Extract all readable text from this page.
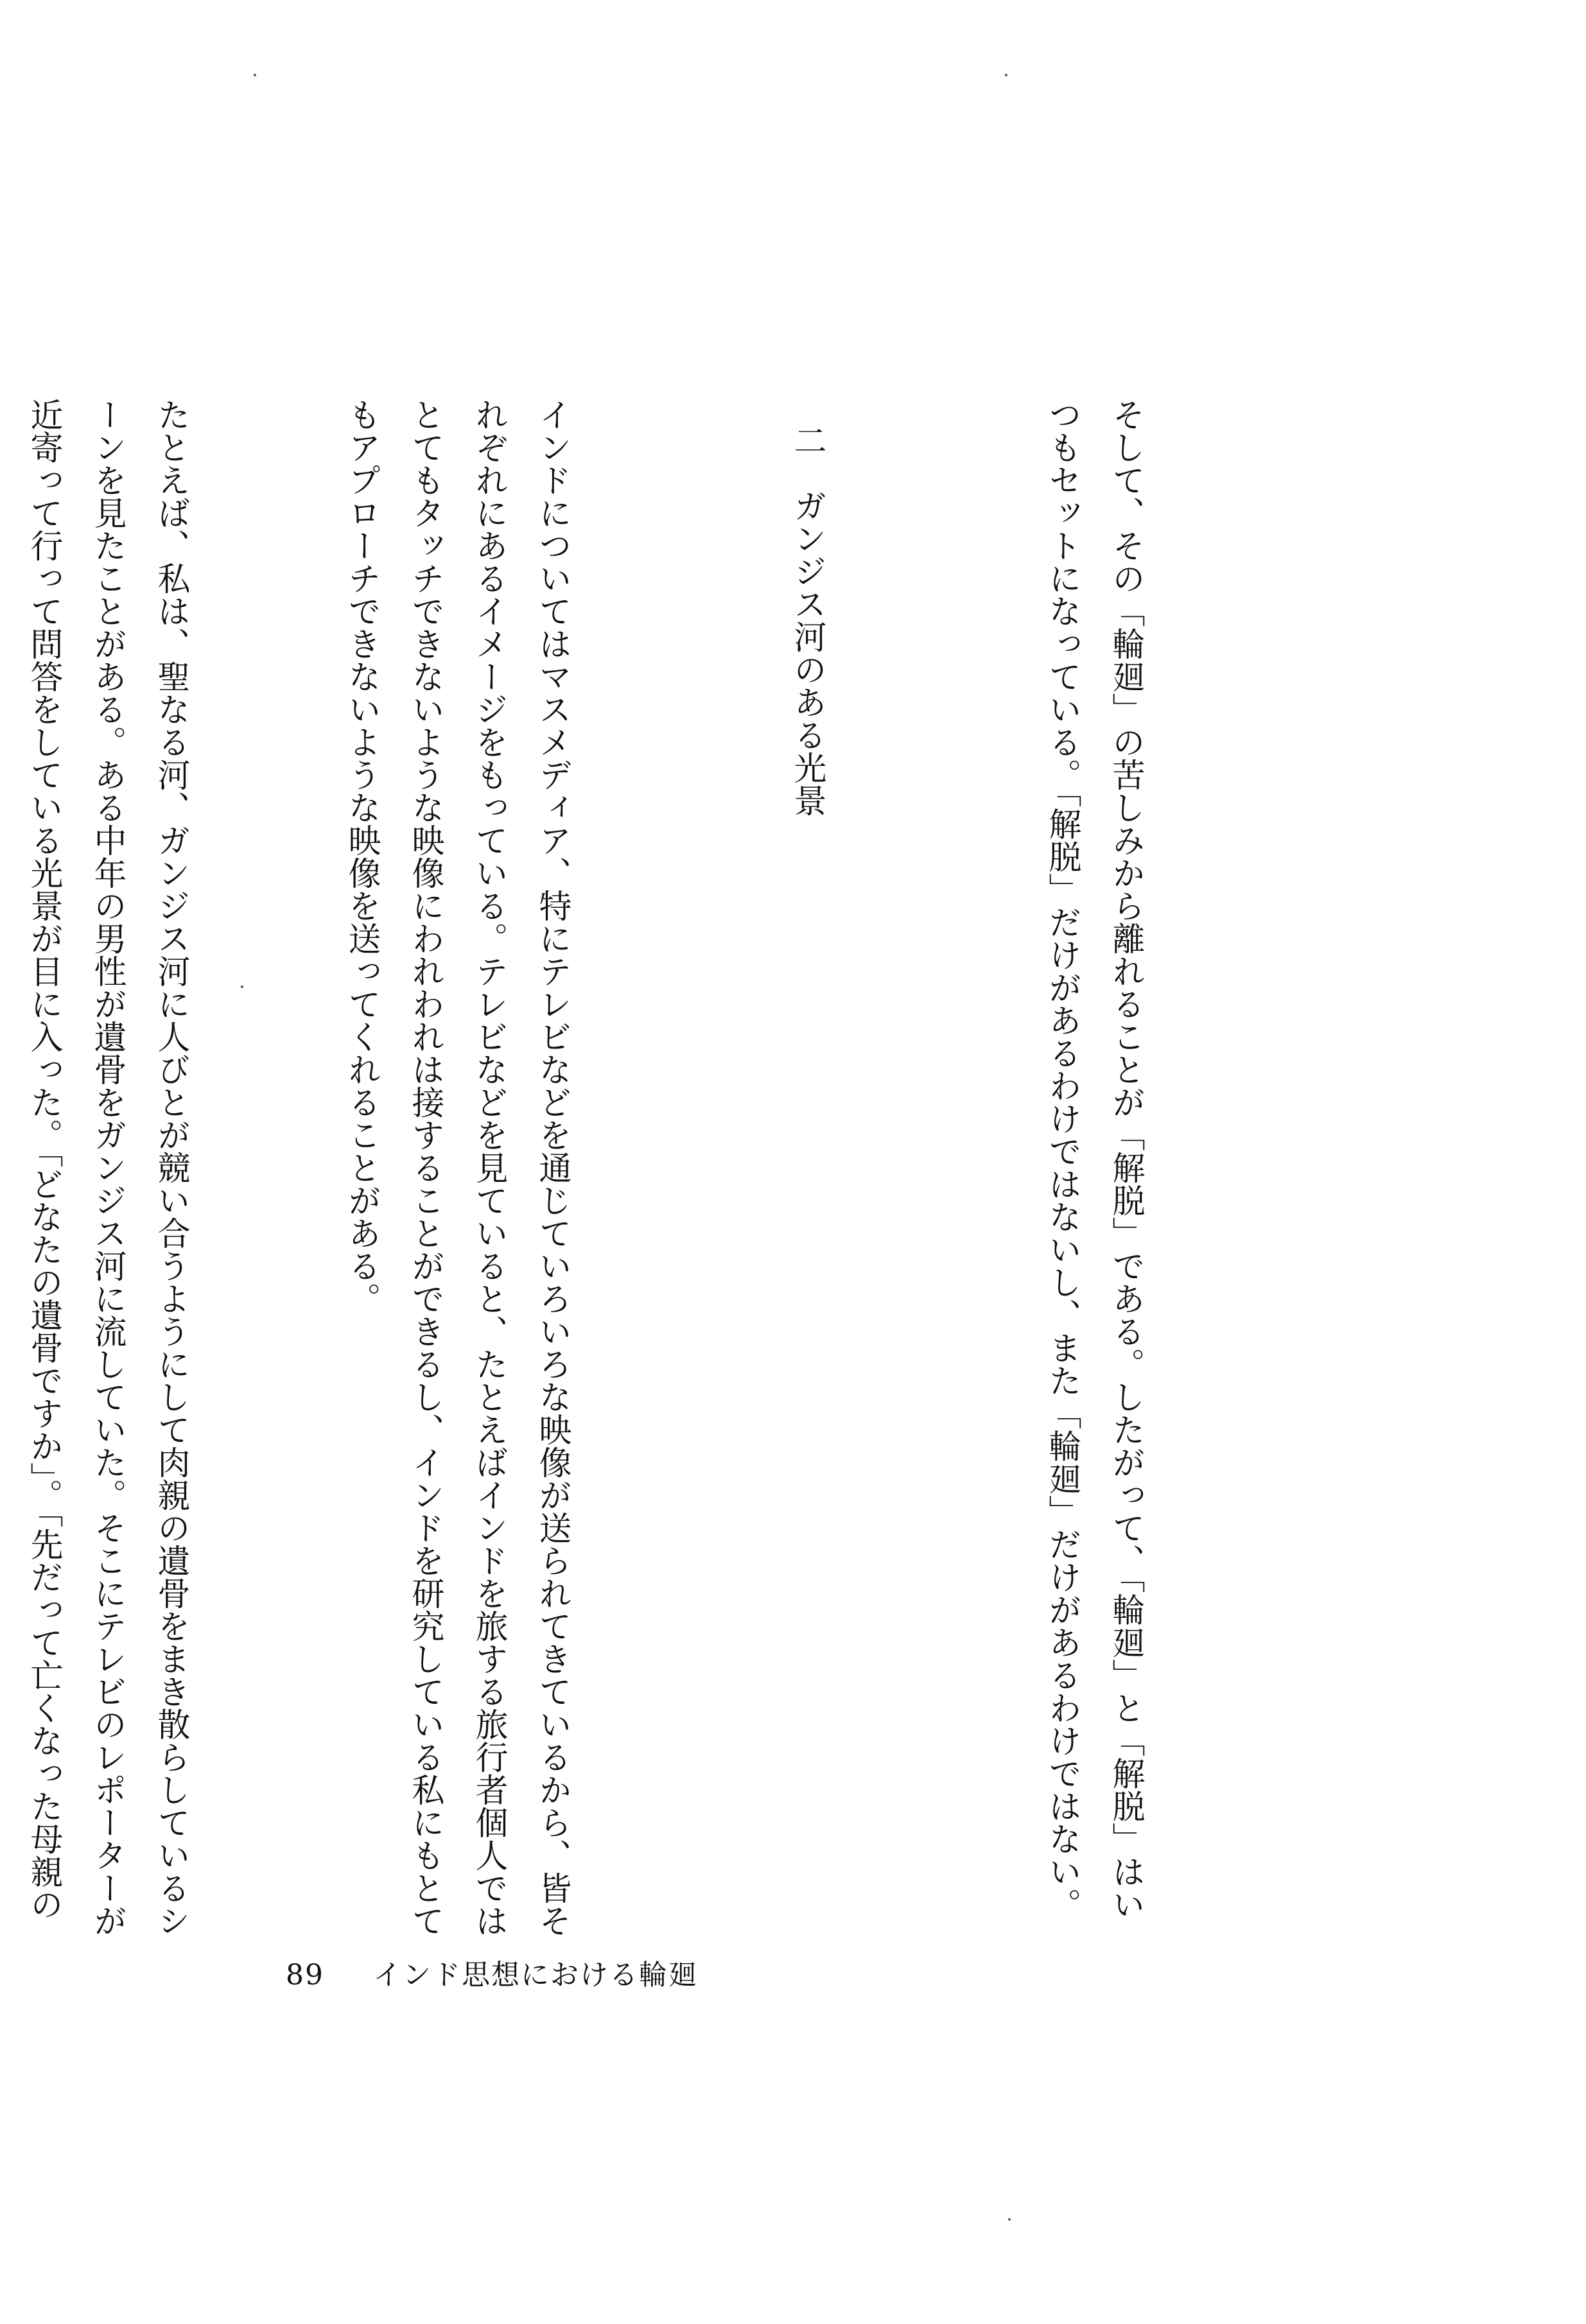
そして、その「輪廻」の苦しみから離れることが「解脱」である。したがって、「輪廻」と「解脱」はいつもセットになっている。「解脱」だけがあるわけではないし、また「輪廻」だけがあるわけではない。

二　ガンジス河のある光景

インドについてはマスメディア、特にテレビなどを通じていろいろな映像が送られてきているから、皆それぞれにあるイメージをもっている。テレビなどを見ていると、たとえばインドを旅する旅行者個人ではとてもタッチできないような映像にわれわれは接することができるし、インドを研究している私にもとてもアプローチできないような映像を送ってくれることがある。

たとえば、私は、聖なる河、ガンジス河に人びとが競い合うようにして肉親の遺骨をまき散らしているシーンを見たことがある。ある中年の男性が遺骨をガンジス河に流していた。そこにテレビのレポーターが近寄って行って問答をしている光景が目に入った。「どなたの遺骨ですか」。「先だって亡くなった母親の

89 インド思想における輪廻
